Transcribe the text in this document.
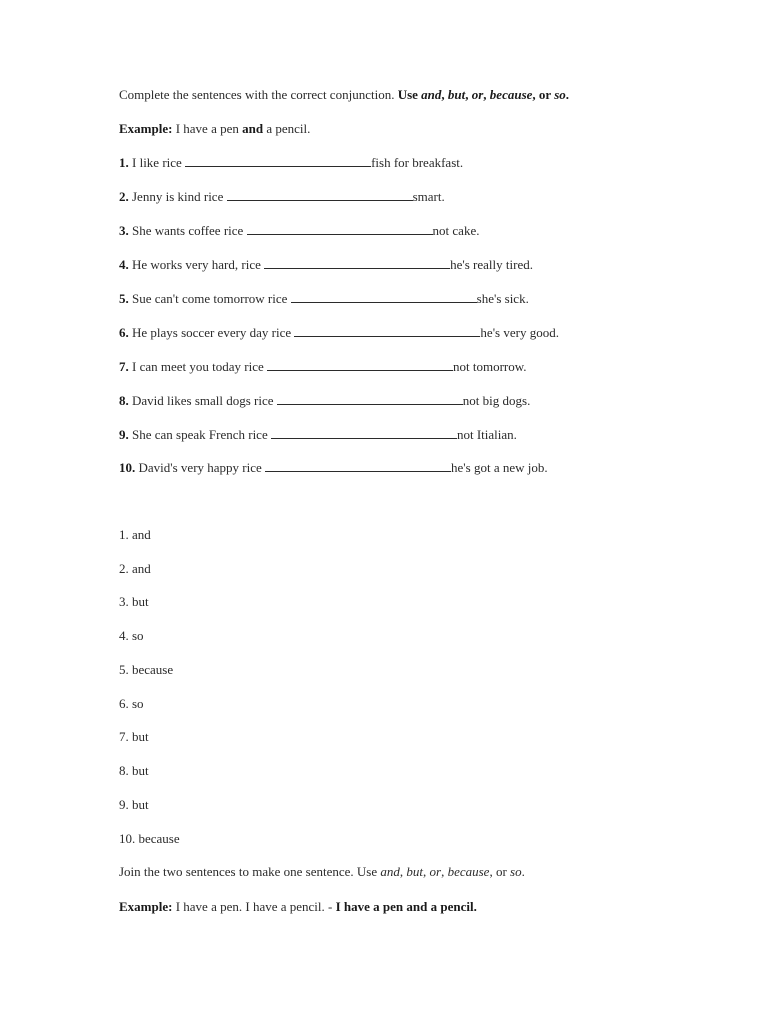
Complete the sentences with the correct conjunction. Use and, but, or, because, or so.
Example: I have a pen and a pencil.
1. I like rice	fish for breakfast.
2. Jenny is kind rice	smart.
3. She wants coffee rice	not cake.
4. He works very hard, rice	he's really tired.
5. Sue can't come tomorrow rice	she's sick.
6. He plays soccer every day rice	he's very good.
7. I can meet you today rice	not tomorrow.
8. David likes small dogs rice	not big dogs.
9. She can speak French rice	not Itialian.
10. David's very happy rice	he's got a new job.
1. and
2. and
3. but
4. so
5. because
6. so
7. but
8. but
9. but
10. because
Join the two sentences to make one sentence. Use and, but, or, because, or so.
Example: I have a pen. I have a pencil. - I have a pen and a pencil.
